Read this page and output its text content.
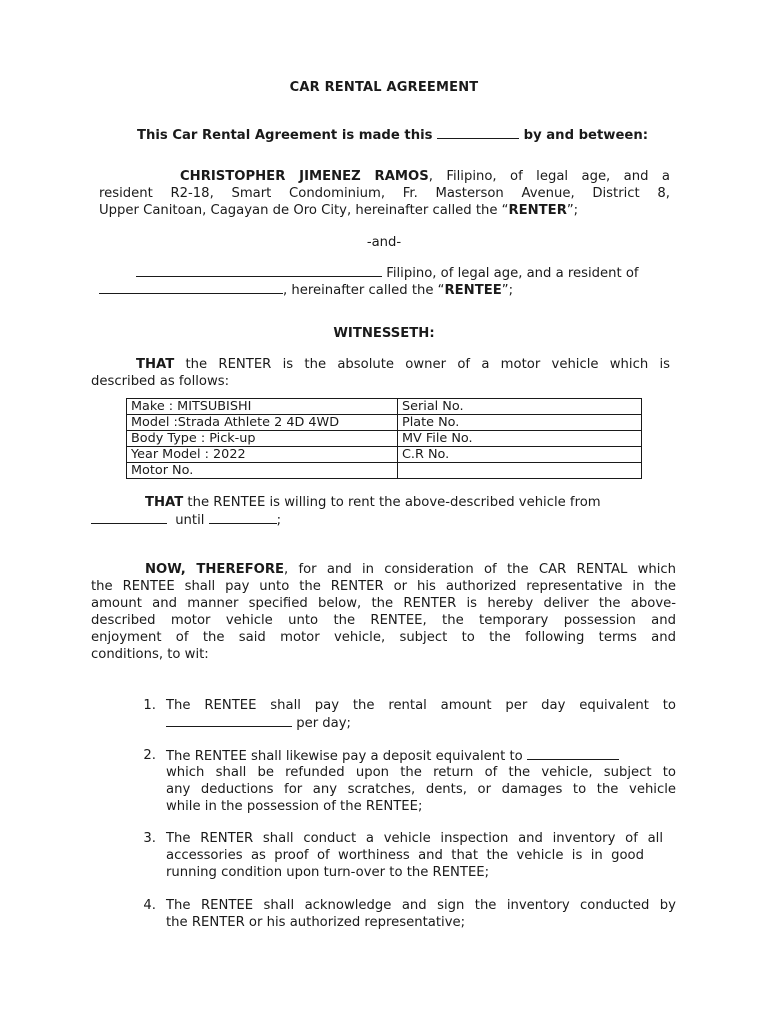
CAR RENTAL AGREEMENT
This Car Rental Agreement is made this	by and between:
CHRISTOPHER JIMENEZ RAMOS, Filipino, of legal age, and a
resident R2-18, Smart Condominium, Fr. Masterson Avenue, District 8,
Upper Canitoan, Cagayan de Oro City, hereinafter called the “RENTER”;
-and-
Filipino, of legal age, and a resident of
, hereinafter called the “RENTEE”;
WITNESSETH:
THAT the RENTER is the absolute owner of a motor vehicle which is
described as follows:
Make : MITSUBISHI	Serial No.
Model :Strada Athlete 2 4D 4WD	Plate No.
Body Type : Pick-up	MV File No.
Year Model : 2022	C.R No.
Motor No.	
THAT the RENTEE is willing to rent the above-described vehicle from
until	;
NOW, THEREFORE, for and in consideration of the CAR RENTAL which
the RENTEE shall pay unto the RENTER or his authorized representative in the
amount and manner specified below, the RENTER is hereby deliver the above-
described motor vehicle unto the RENTEE, the temporary possession and
enjoyment of the said motor vehicle, subject to the following terms and
conditions, to wit:
1. The RENTEE shall pay the rental amount per day equivalent to
per day;
2. The RENTEE shall likewise pay a deposit equivalent to
which shall be refunded upon the return of the vehicle, subject to
any deductions for any scratches, dents, or damages to the vehicle
while in the possession of the RENTEE;
3. The RENTER shall conduct a vehicle inspection and inventory of all
accessories as proof of worthiness and that the vehicle is in good
running condition upon turn-over to the RENTEE;
4. The RENTEE shall acknowledge and sign the inventory conducted by
the RENTER or his authorized representative;
